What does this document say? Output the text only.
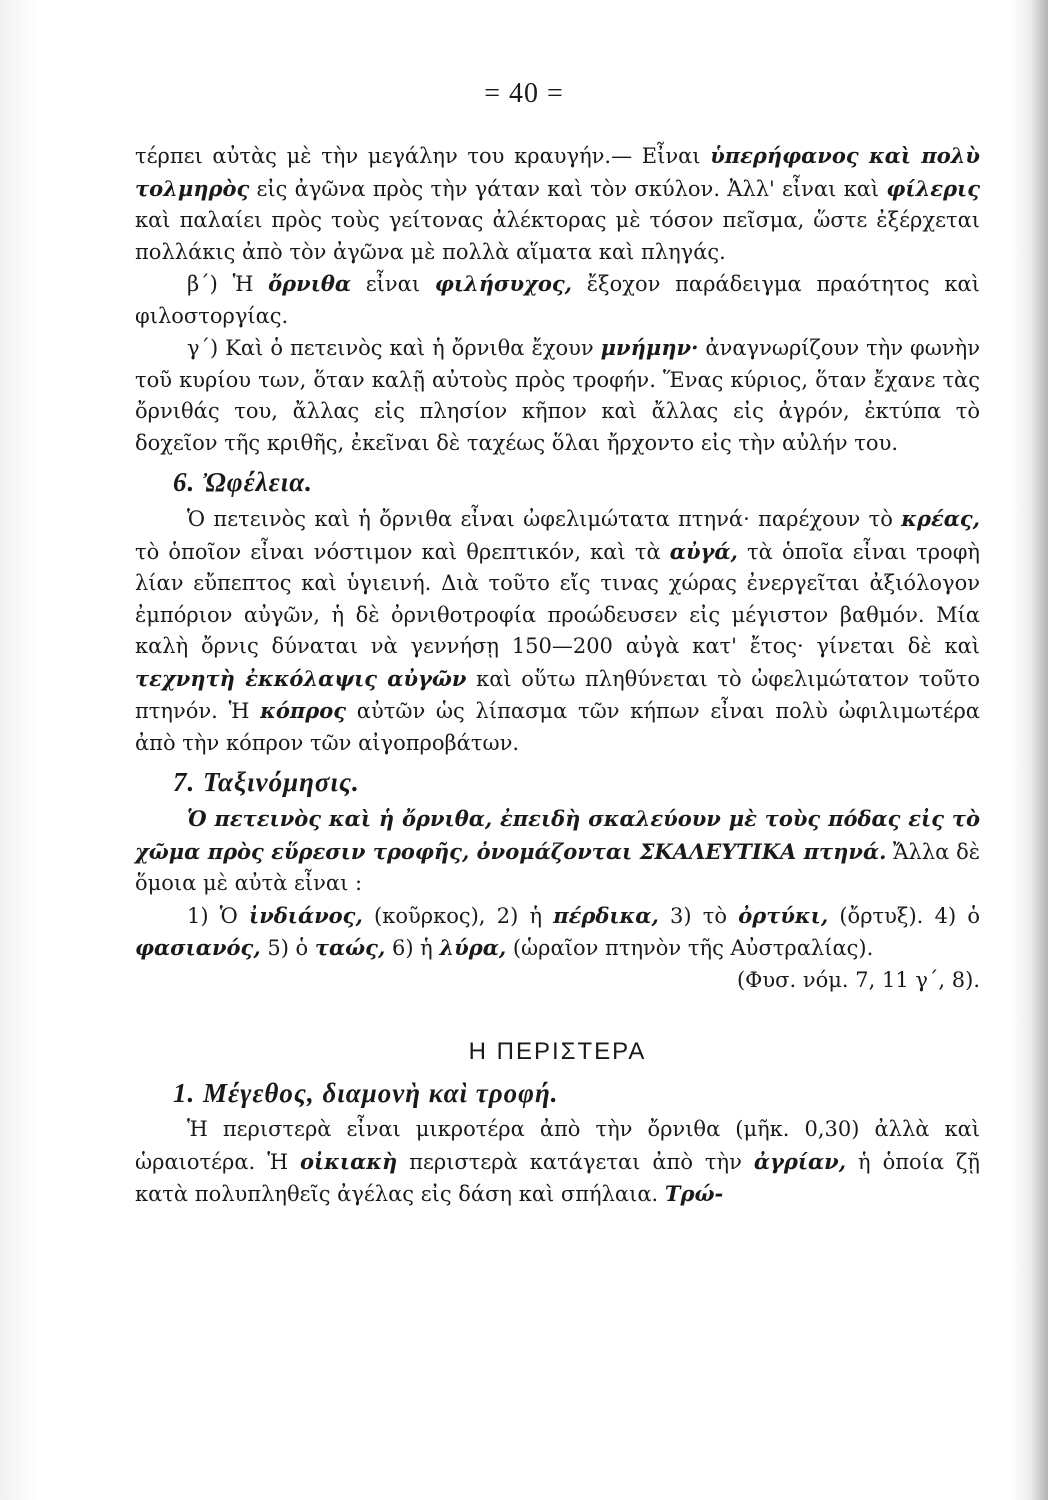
= 40 =

τέρπει αὐτὰς μὲ τὴν μεγάλην του κραυγήν.— Εἶναι ὑπερήφανος καὶ πολὺ τολμηρὸς εἰς ἀγῶνα πρὸς τὴν γάταν καὶ τὸν σκύλον. Ἀλλ' εἶναι καὶ φίλερις καὶ παλαίει πρὸς τοὺς γείτονας ἀλέκτορας μὲ τόσον πεῖσμα, ὥστε ἐξέρχεται πολλάκις ἀπὸ τὸν ἀγῶνα μὲ πολλὰ αἵματα καὶ πληγάς.

β΄) Ἡ ὄρνιθα εἶναι φιλήσυχος, ἔξοχον παράδειγμα πραότητος καὶ φιλοστοργίας.

γ΄) Καὶ ὁ πετεινὸς καὶ ἡ ὄρνιθα ἔχουν μνήμην· ἀναγνωρίζουν τὴν φωνὴν τοῦ κυρίου των, ὅταν καλῇ αὐτοὺς πρὸς τροφήν. Ἕνας κύριος, ὅταν ἔχανε τὰς ὄρνιθάς του, ἄλλας εἰς πλησίον κῆπον καὶ ἄλλας εἰς ἀγρόν, ἐκτύπα τὸ δοχεῖον τῆς κριθῆς, ἐκεῖναι δὲ ταχέως ὅλαι ἤρχοντο εἰς τὴν αὐλήν του.

6. Ὠφέλεια.

Ὁ πετεινὸς καὶ ἡ ὄρνιθα εἶναι ὠφελιμώτατα πτηνά· παρέχουν τὸ κρέας, τὸ ὁποῖον εἶναι νόστιμον καὶ θρεπτικόν, καὶ τὰ αὐγά, τὰ ὁποῖα εἶναι τροφὴ λίαν εὔπεπτος καὶ ὑγιεινή. Διὰ τοῦτο εἴς τινας χώρας ἐνεργεῖται ἀξιόλογον ἐμπόριον αὐγῶν, ἡ δὲ ὀρνιθοτροφία προώδευσεν εἰς μέγιστον βαθμόν. Μία καλὴ ὄρνις δύναται νὰ γεννήσῃ 150—200 αὐγὰ κατ' ἔτος· γίνεται δὲ καὶ τεχνητὴ ἐκκόλαψις αὐγῶν καὶ οὕτω πληθύνεται τὸ ὠφελιμώτατον τοῦτο πτηνόν. Ἡ κόπρος αὐτῶν ὡς λίπασμα τῶν κήπων εἶναι πολὺ ὠφιλιμωτέρα ἀπὸ τὴν κόπρον τῶν αἰγοπροβάτων.

7. Ταξινόμησις.

Ὁ πετεινὸς καὶ ἡ ὄρνιθα, ἐπειδὴ σκαλεύουν μὲ τοὺς πόδας εἰς τὸ χῶμα πρὸς εὕρεσιν τροφῆς, ὀνομάζονται ΣΚΑΛΕΥΤΙΚΑ πτηνά. Ἄλλα δὲ ὅμοια μὲ αὐτὰ εἶναι :

1) Ὁ ἰνδιάνος, (κοῦρκος), 2) ἡ πέρδικα, 3) τὸ ὀρτύκι, (ὄρτυξ). 4) ὁ φασιανός, 5) ὁ ταώς, 6) ἡ λύρα, (ὡραῖον πτηνὸν τῆς Αὐστραλίας).

(Φυσ. νόμ. 7, 11 γ΄, 8).
Η ΠΕΡΙΣΤΕΡΑ
1. Μέγεθος, διαμονὴ καὶ τροφή.

Ἡ περιστερὰ εἶναι μικροτέρα ἀπὸ τὴν ὄρνιθα (μῆκ. 0,30) ἀλλὰ καὶ ὡραιοτέρα. Ἡ οἰκιακὴ περιστερὰ κατάγεται ἀπὸ τὴν ἀγρίαν, ἡ ὁποία ζῇ κατὰ πολυπληθεῖς ἀγέλας εἰς δάση καὶ σπήλαια. Τρώ-
